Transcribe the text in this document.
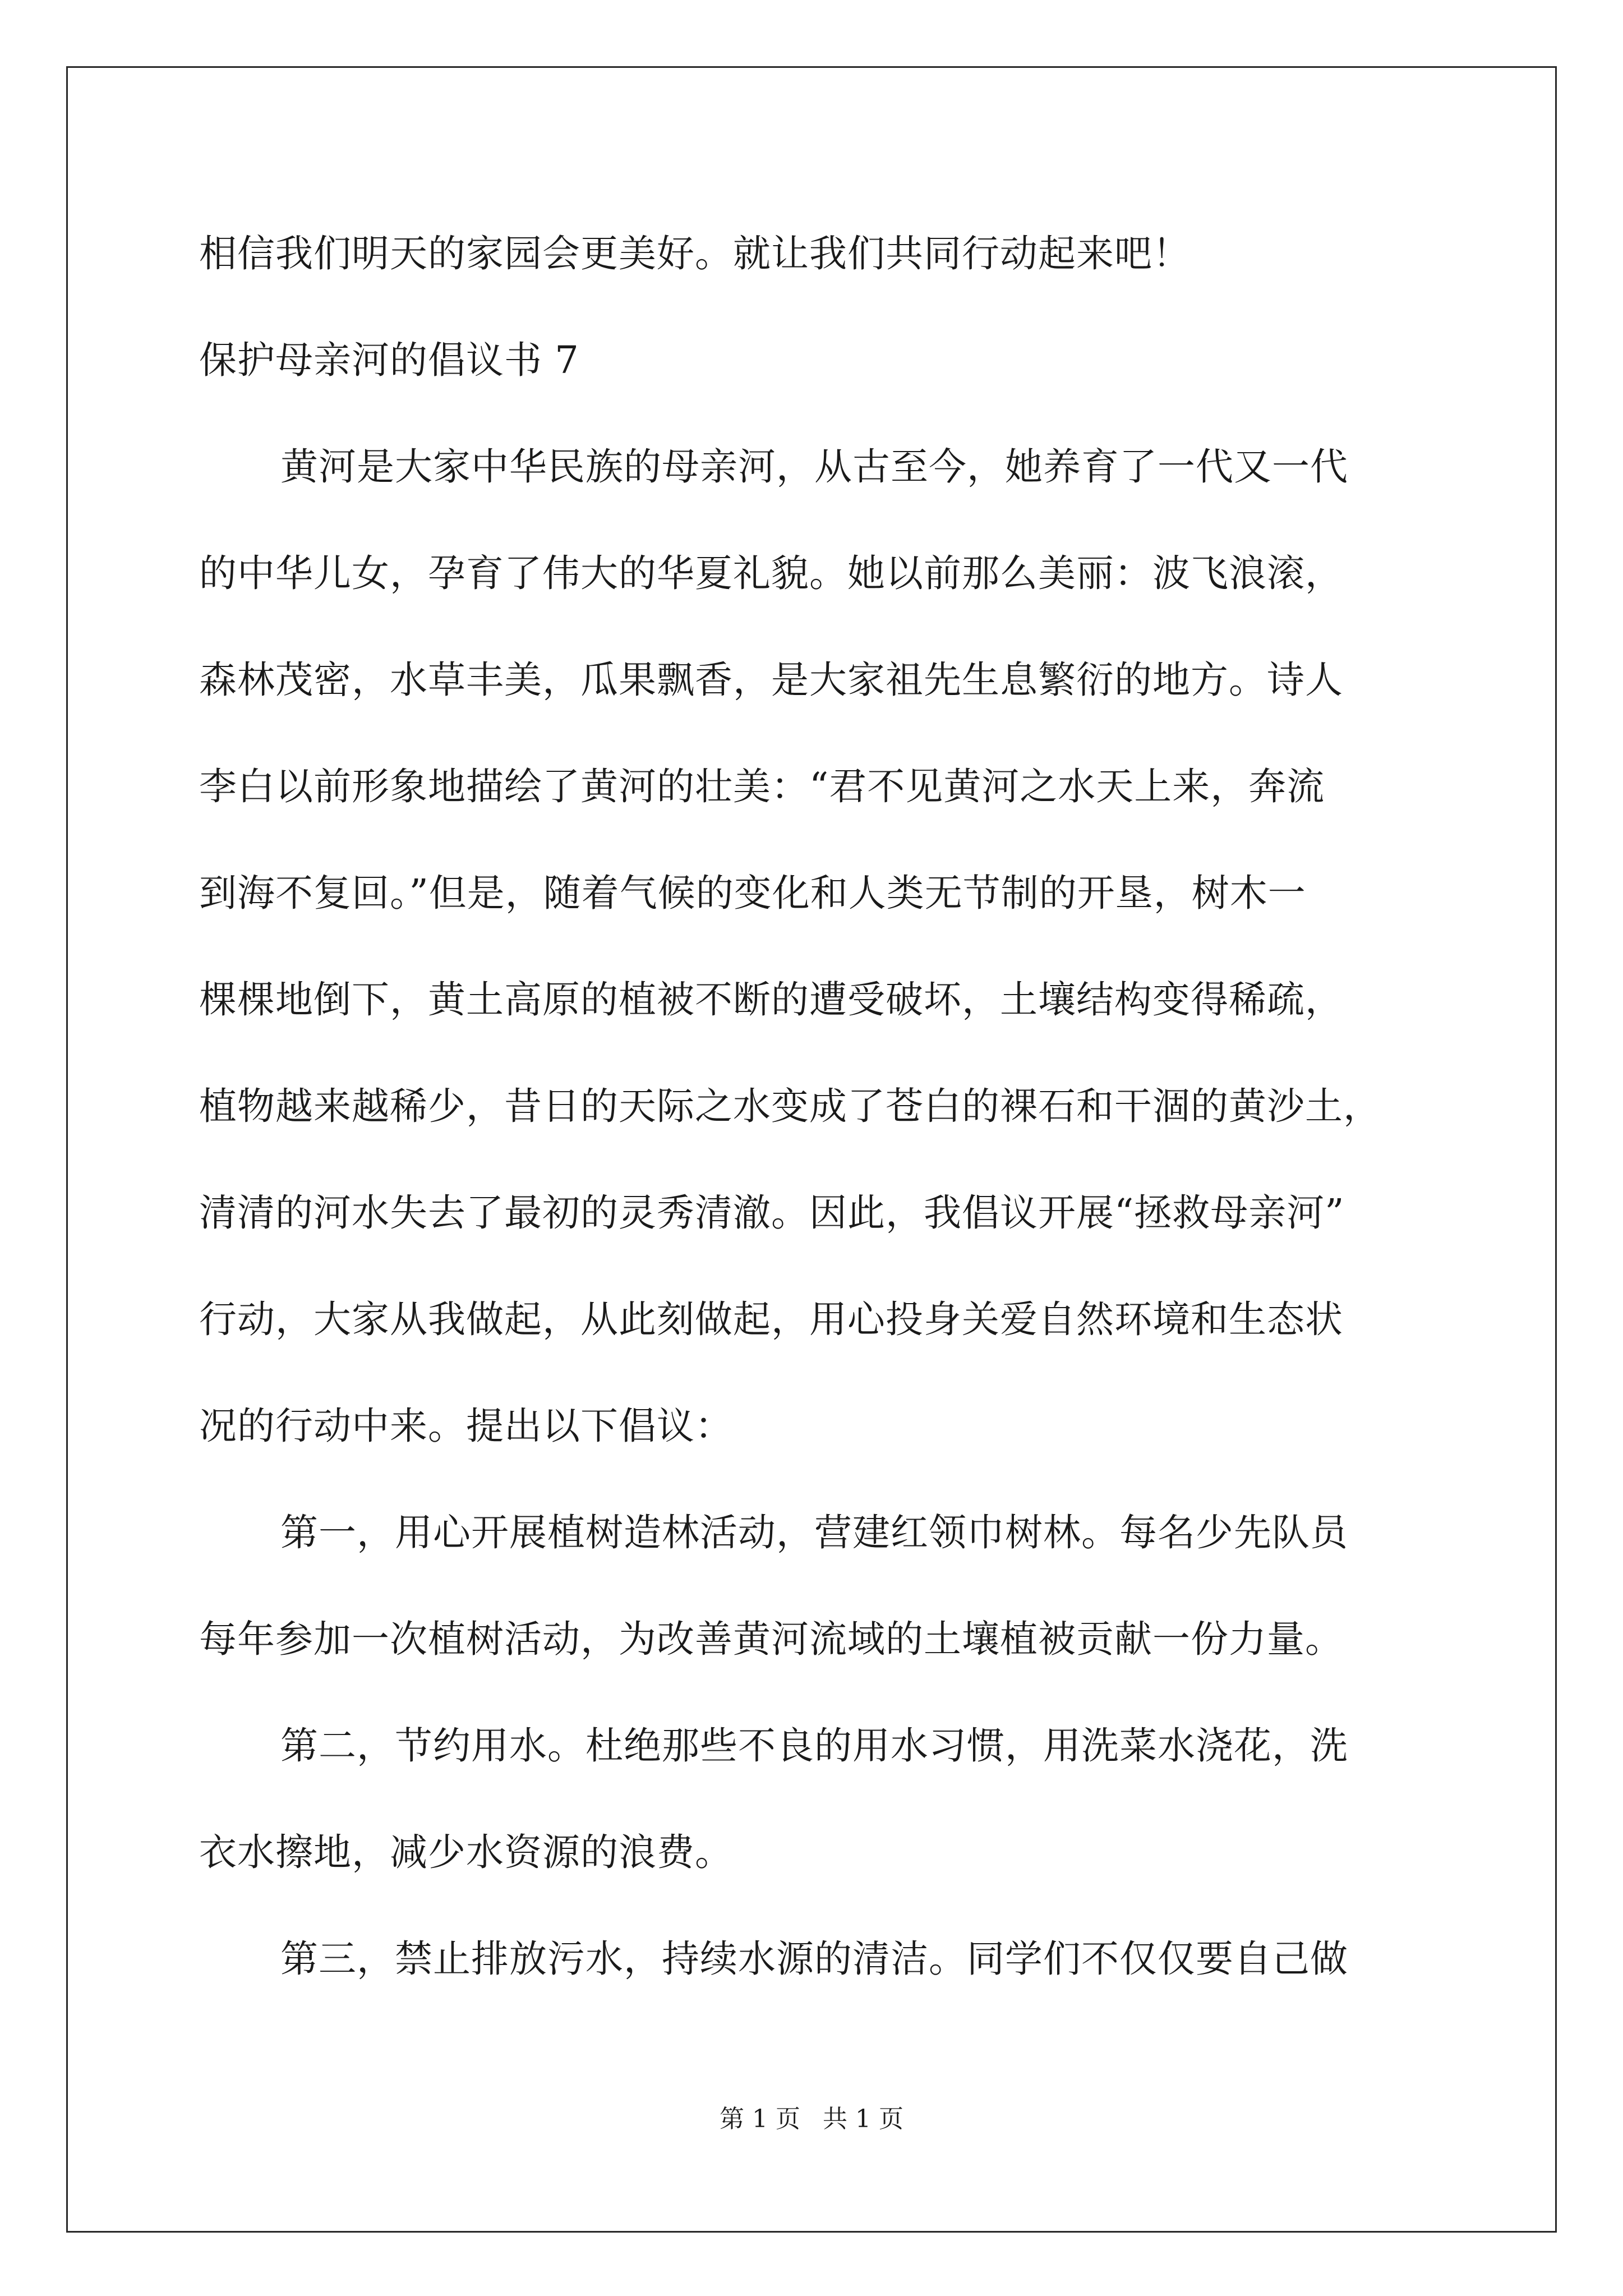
相信我们明天的家园会更美好。就让我们共同行动起来吧！

保护母亲河的倡议书 7

黄河是大家中华民族的母亲河，从古至今，她养育了一代又一代

的中华儿女，孕育了伟大的华夏礼貌。她以前那么美丽：波飞浪滚，

森林茂密，水草丰美，瓜果飘香，是大家祖先生息繁衍的地方。诗人

李白以前形象地描绘了黄河的壮美：“君不见黄河之水天上来，奔流

到海不复回。”但是，随着气候的变化和人类无节制的开垦，树木一

棵棵地倒下，黄土高原的植被不断的遭受破坏，土壤结构变得稀疏，

植物越来越稀少，昔日的天际之水变成了苍白的裸石和干涸的黄沙土，

清清的河水失去了最初的灵秀清澈。因此，我倡议开展“拯救母亲河”

行动，大家从我做起，从此刻做起，用心投身关爱自然环境和生态状

况的行动中来。提出以下倡议：

第一，用心开展植树造林活动，营建红领巾树林。每名少先队员

每年参加一次植树活动，为改善黄河流域的土壤植被贡献一份力量。

第二，节约用水。杜绝那些不良的用水习惯，用洗菜水浇花，洗

衣水擦地，减少水资源的浪费。

第三，禁止排放污水，持续水源的清洁。同学们不仅仅要自己做

第 1 页 共 1 页
